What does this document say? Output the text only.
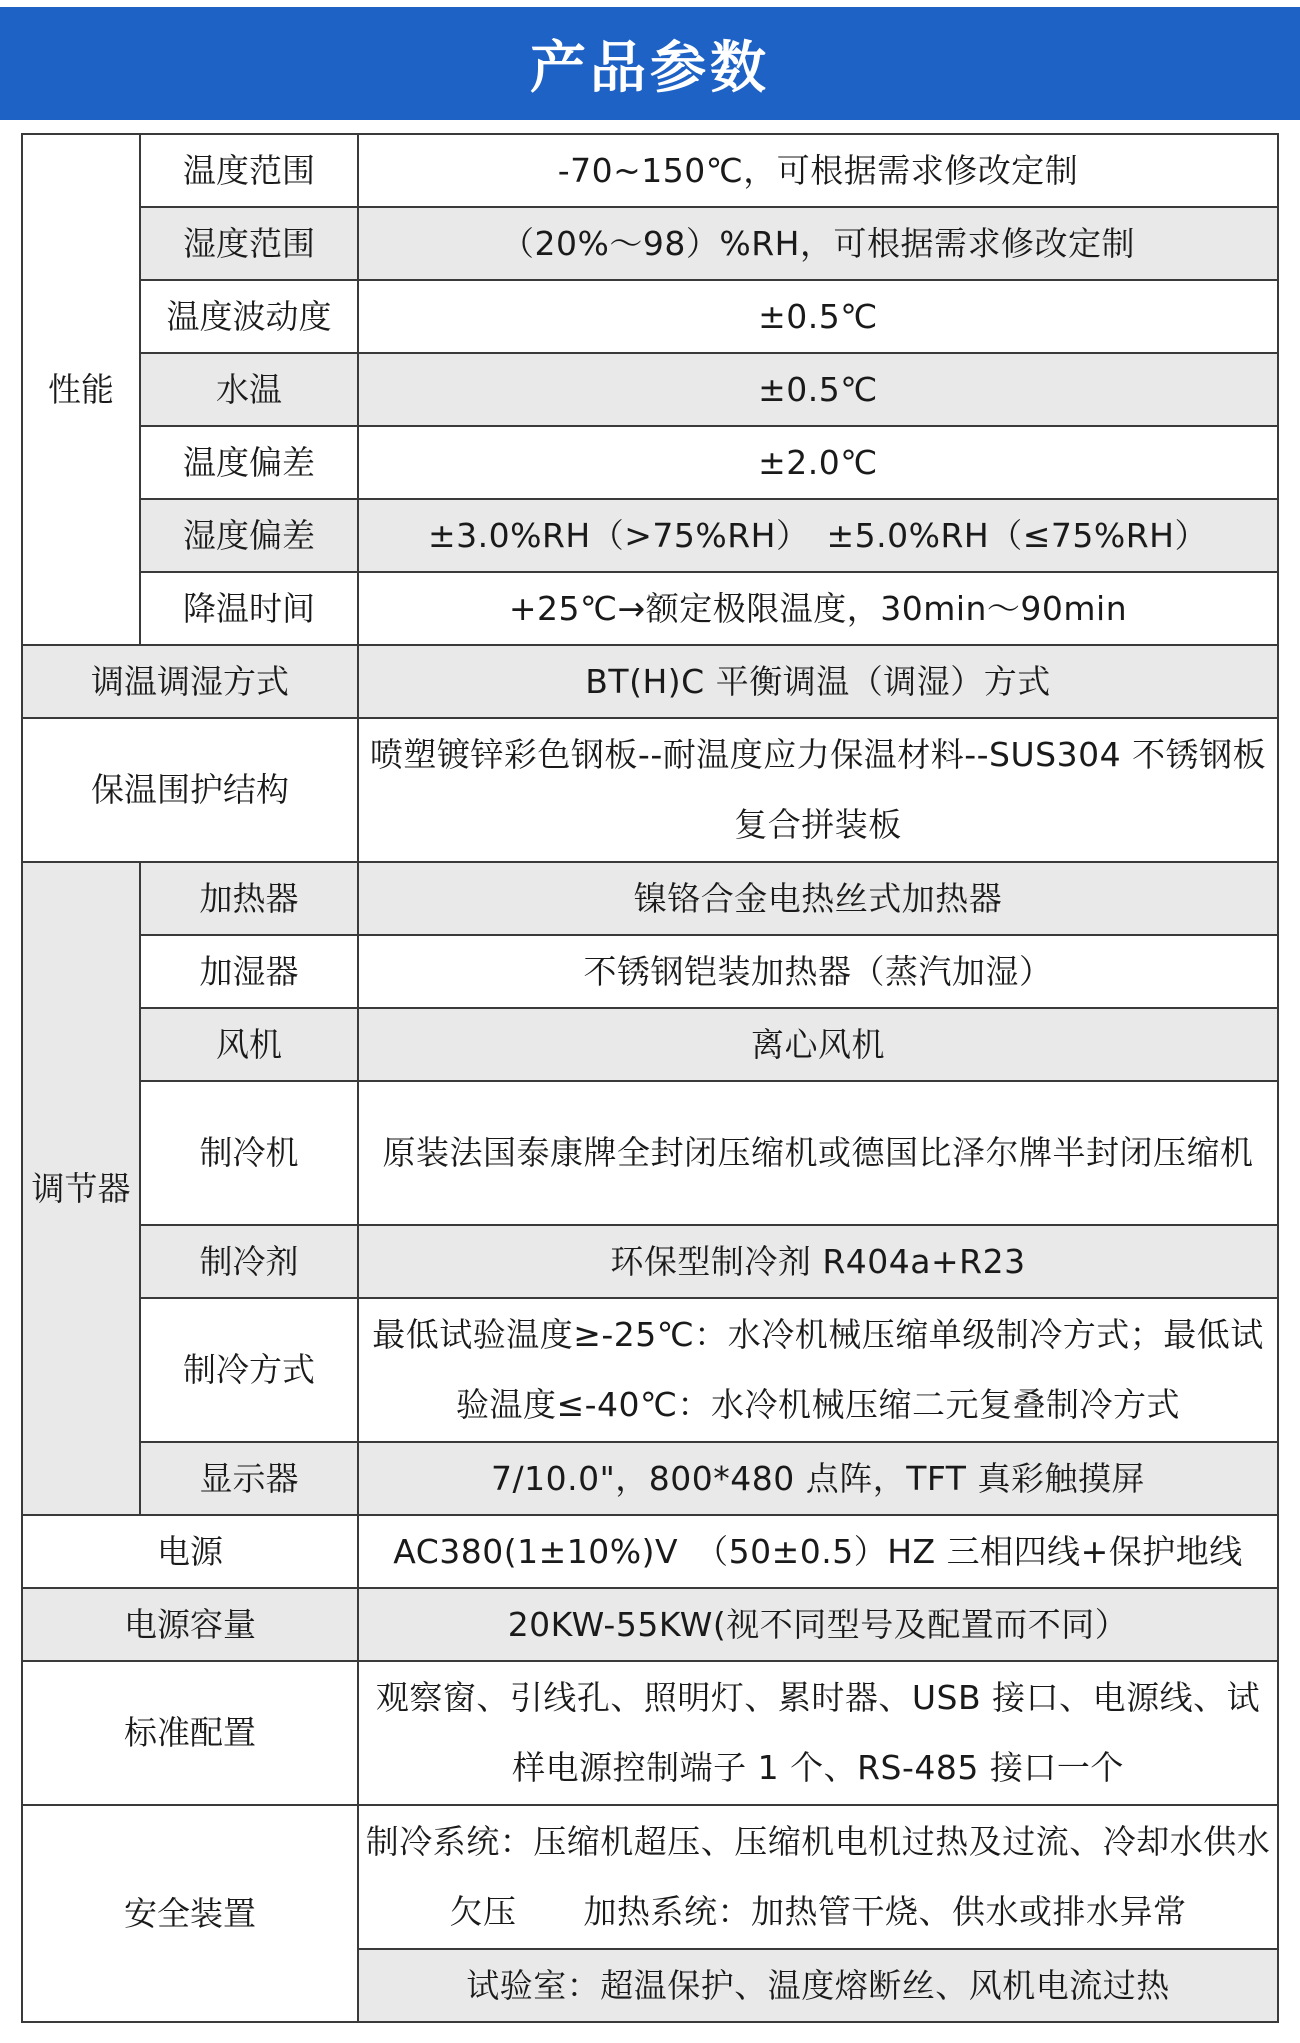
产品参数
性能	温度范围	-70~150℃，可根据需求修改定制
	湿度范围	（20%～98）%RH，可根据需求修改定制
	温度波动度	±0.5℃
	水温	±0.5℃
	温度偏差	±2.0℃
	湿度偏差	±3.0%RH（>75%RH）　±5.0%RH（≤75%RH）
	降温时间	+25℃→额定极限温度，30min～90min
调温调湿方式		BT(H)C 平衡调温（调湿）方式
保温围护结构		喷塑镀锌彩色钢板--耐温度应力保温材料--SUS304 不锈钢板复合拼装板
调节器	加热器	镍铬合金电热丝式加热器
	加湿器	不锈钢铠装加热器（蒸汽加湿）
	风机	离心风机
	制冷机	原装法国泰康牌全封闭压缩机或德国比泽尔牌半封闭压缩机
	制冷剂	环保型制冷剂 R404a+R23
	制冷方式	最低试验温度≥-25℃：水冷机械压缩单级制冷方式；最低试验温度≤-40℃：水冷机械压缩二元复叠制冷方式
	显示器	7/10.0"，800*480 点阵，TFT 真彩触摸屏
电源		AC380(1±10%)V　（50±0.5）HZ 三相四线+保护地线
电源容量		20KW-55KW(视不同型号及配置而不同）
标准配置		观察窗、引线孔、照明灯、累时器、USB 接口、电源线、试样电源控制端子 1 个、RS-485 接口一个
安全装置		制冷系统：压缩机超压、压缩机电机过热及过流、冷却水供水欠压　　加热系统：加热管干烧、供水或排水异常
		试验室：超温保护、温度熔断丝、风机电流过热
